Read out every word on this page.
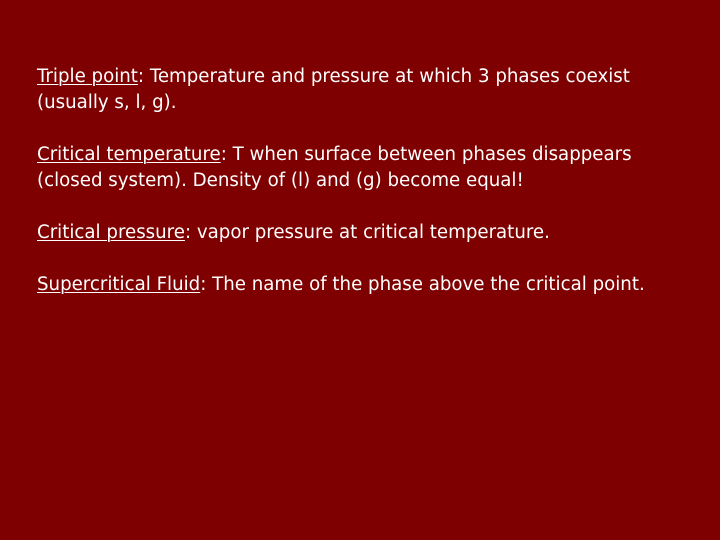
Triple point: Temperature and pressure at which 3 phases coexist (usually s, l, g).

Critical temperature: T when surface between phases disappears (closed system). Density of (l) and (g) become equal!

Critical pressure: vapor pressure at critical temperature.

Supercritical Fluid: The name of the phase above the critical point.
